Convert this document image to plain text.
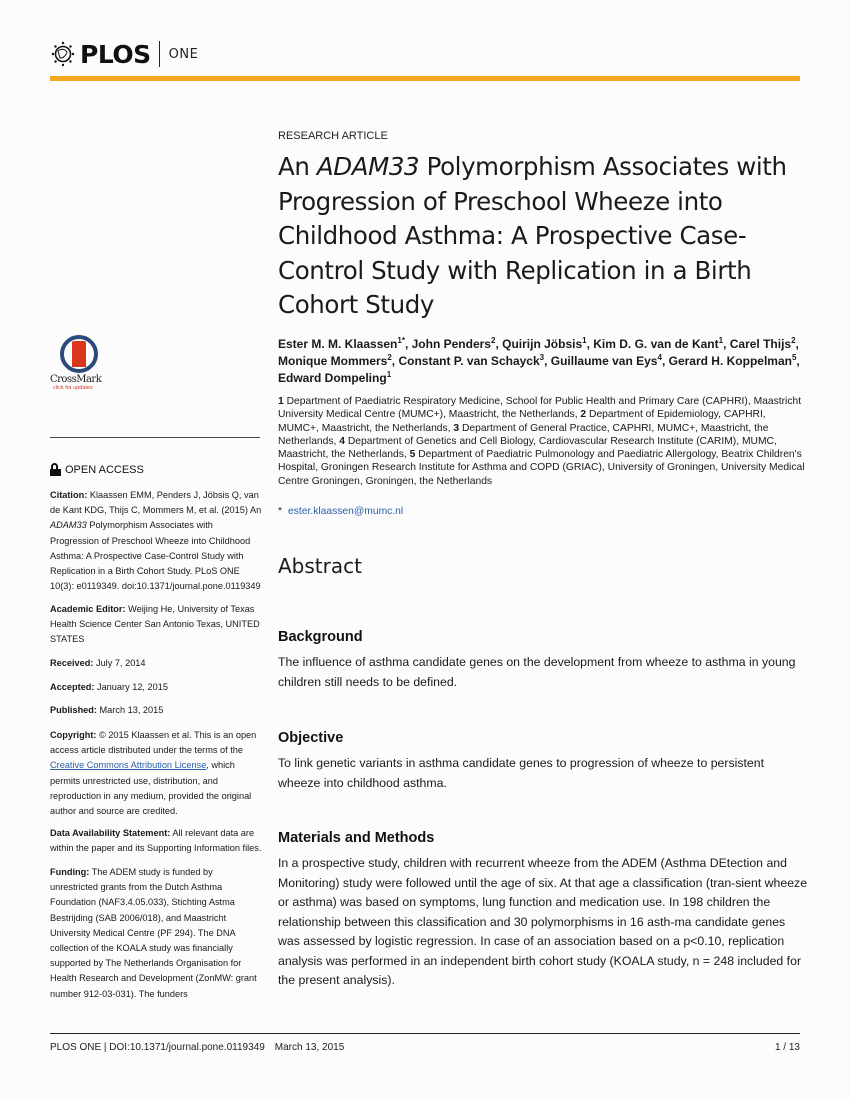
PLOS ONE
CrossMark
click for updates
OPEN ACCESS
Citation: Klaassen EMM, Penders J, Jöbsis Q, van de Kant KDG, Thijs C, Mommers M, et al. (2015) An ADAM33 Polymorphism Associates with Progression of Preschool Wheeze into Childhood Asthma: A Prospective Case-Control Study with Replication in a Birth Cohort Study. PLoS ONE 10(3): e0119349. doi:10.1371/journal.pone.0119349
Academic Editor: Weijing He, University of Texas Health Science Center San Antonio Texas, UNITED STATES
Received: July 7, 2014
Accepted: January 12, 2015
Published: March 13, 2015
Copyright: © 2015 Klaassen et al. This is an open access article distributed under the terms of the Creative Commons Attribution License, which permits unrestricted use, distribution, and reproduction in any medium, provided the original author and source are credited.
Data Availability Statement: All relevant data are within the paper and its Supporting Information files.
Funding: The ADEM study is funded by unrestricted grants from the Dutch Asthma Foundation (NAF3.4.05.033), Stichting Astma Bestrijding (SAB 2006/018), and Maastricht University Medical Centre (PF 294). The DNA collection of the KOALA study was financially supported by The Netherlands Organisation for Health Research and Development (ZonMW: grant number 912-03-031). The funders
RESEARCH ARTICLE
An ADAM33 Polymorphism Associates with Progression of Preschool Wheeze into Childhood Asthma: A Prospective Case-Control Study with Replication in a Birth Cohort Study
Ester M. M. Klaassen$^{1*}$, John Penders$^2$, Quirijn Jöbsis$^1$, Kim D. G. van de Kant$^1$, Carel Thijs$^2$, Monique Mommers$^2$, Constant P. van Schayck$^3$, Guillaume van Eys$^4$, Gerard H. Koppelman$^5$, Edward Dompeling$^1$
1 Department of Paediatric Respiratory Medicine, School for Public Health and Primary Care (CAPHRI), Maastricht University Medical Centre (MUMC+), Maastricht, the Netherlands, 2 Department of Epidemiology, CAPHRI, MUMC+, Maastricht, the Netherlands, 3 Department of General Practice, CAPHRI, MUMC+, Maastricht, the Netherlands, 4 Department of Genetics and Cell Biology, Cardiovascular Research Institute (CARIM), MUMC, Maastricht, the Netherlands, 5 Department of Paediatric Pulmonology and Paediatric Allergology, Beatrix Children's Hospital, Groningen Research Institute for Asthma and COPD (GRIAC), University of Groningen, University Medical Centre Groningen, Groningen, the Netherlands
* ester.klaassen@mumc.nl
Abstract
Background
The influence of asthma candidate genes on the development from wheeze to asthma in young children still needs to be defined.
Objective
To link genetic variants in asthma candidate genes to progression of wheeze to persistent wheeze into childhood asthma.
Materials and Methods
In a prospective study, children with recurrent wheeze from the ADEM (Asthma DEtection and Monitoring) study were followed until the age of six. At that age a classification (tran-sient wheeze or asthma) was based on symptoms, lung function and medication use. In 198 children the relationship between this classification and 30 polymorphisms in 16 asth-ma candidate genes was assessed by logistic regression. In case of an association based on a p<0.10, replication analysis was performed in an independent birth cohort study (KOALA study, n = 248 included for the present analysis).
PLOS ONE | DOI:10.1371/journal.pone.0119349 March 13, 2015	1 / 13
